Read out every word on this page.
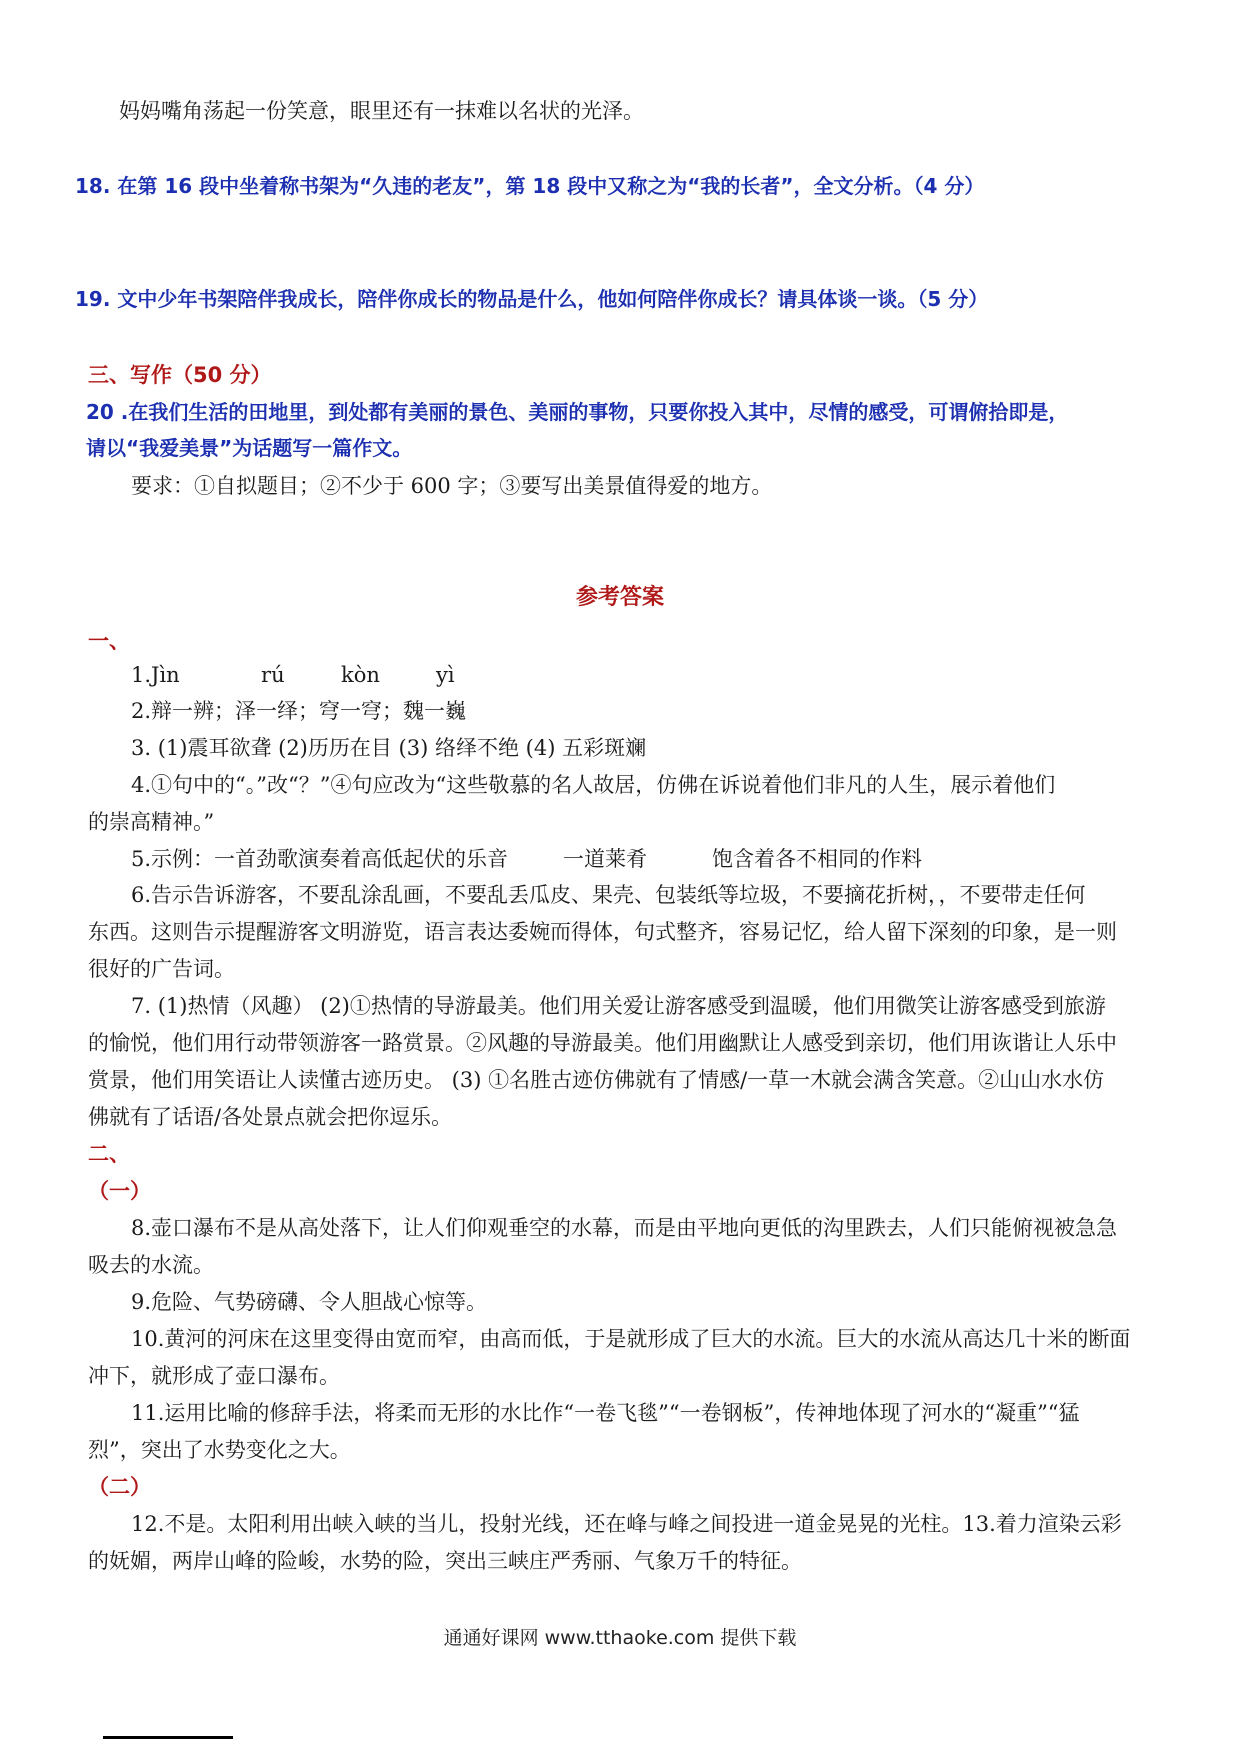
妈妈嘴角荡起一份笑意，眼里还有一抹难以名状的光泽。
18. 在第 16 段中坐着称书架为“久违的老友”，第 18 段中又称之为“我的长者”，全文分析。（4 分）
19. 文中少年书架陪伴我成长，陪伴你成长的物品是什么，他如何陪伴你成长？请具体谈一谈。（5 分）
三、写作（50 分）
20 .在我们生活的田地里，到处都有美丽的景色、美丽的事物，只要你投入其中，尽情的感受，可谓俯拾即是，
请以“我爱美景”为话题写一篇作文。
要求：①自拟题目；②不少于 600 字；③要写出美景值得爱的地方。
参考答案
一、
1.Jìn	rú	kòn	yì
2.辩一辨；泽一绎；穹一穹；魏一巍
3. (1)震耳欲聋 (2)历历在目 (3) 络绎不绝 (4) 五彩斑斓
4.①句中的“。”改“？”④句应改为“这些敬慕的名人故居，仿佛在诉说着他们非凡的人生，展示着他们
的崇高精神。”
5.示例：一首劲歌演奏着高低起伏的乐音	一道莱肴	饱含着各不相同的作料
6.告示告诉游客，不要乱涂乱画，不要乱丢瓜皮、果壳、包装纸等垃圾，不要摘花折树，，不要带走任何
东西。这则告示提醒游客文明游览，语言表达委婉而得体，句式整齐，容易记忆，给人留下深刻的印象，是一则
很好的广告词。
7. (1)热情（风趣） (2)①热情的导游最美。他们用关爱让游客感受到温暖，他们用微笑让游客感受到旅游
的愉悦，他们用行动带领游客一路赏景。②风趣的导游最美。他们用幽默让人感受到亲切，他们用诙谐让人乐中
赏景，他们用笑语让人读懂古迹历史。 (3) ①名胜古迹仿佛就有了情感/一草一木就会满含笑意。②山山水水仿
佛就有了话语/各处景点就会把你逗乐。
二、
（一）
8.壶口瀑布不是从高处落下，让人们仰观垂空的水幕，而是由平地向更低的沟里跌去，人们只能俯视被急急
吸去的水流。
9.危险、气势磅礴、令人胆战心惊等。
10.黄河的河床在这里变得由宽而窄，由高而低，于是就形成了巨大的水流。巨大的水流从高达几十米的断面
冲下，就形成了壶口瀑布。
11.运用比喻的修辞手法，将柔而无形的水比作“一卷飞毯”“一卷钢板”，传神地体现了河水的“凝重”“猛
烈”，突出了水势变化之大。
（二）
12.不是。太阳利用出峡入峡的当儿，投射光线，还在峰与峰之间投进一道金晃晃的光柱。13.着力渲染云彩
的妩媚，两岸山峰的险峻，水势的险，突出三峡庄严秀丽、气象万千的特征。
通通好课网 www.tthaoke.com 提供下载
